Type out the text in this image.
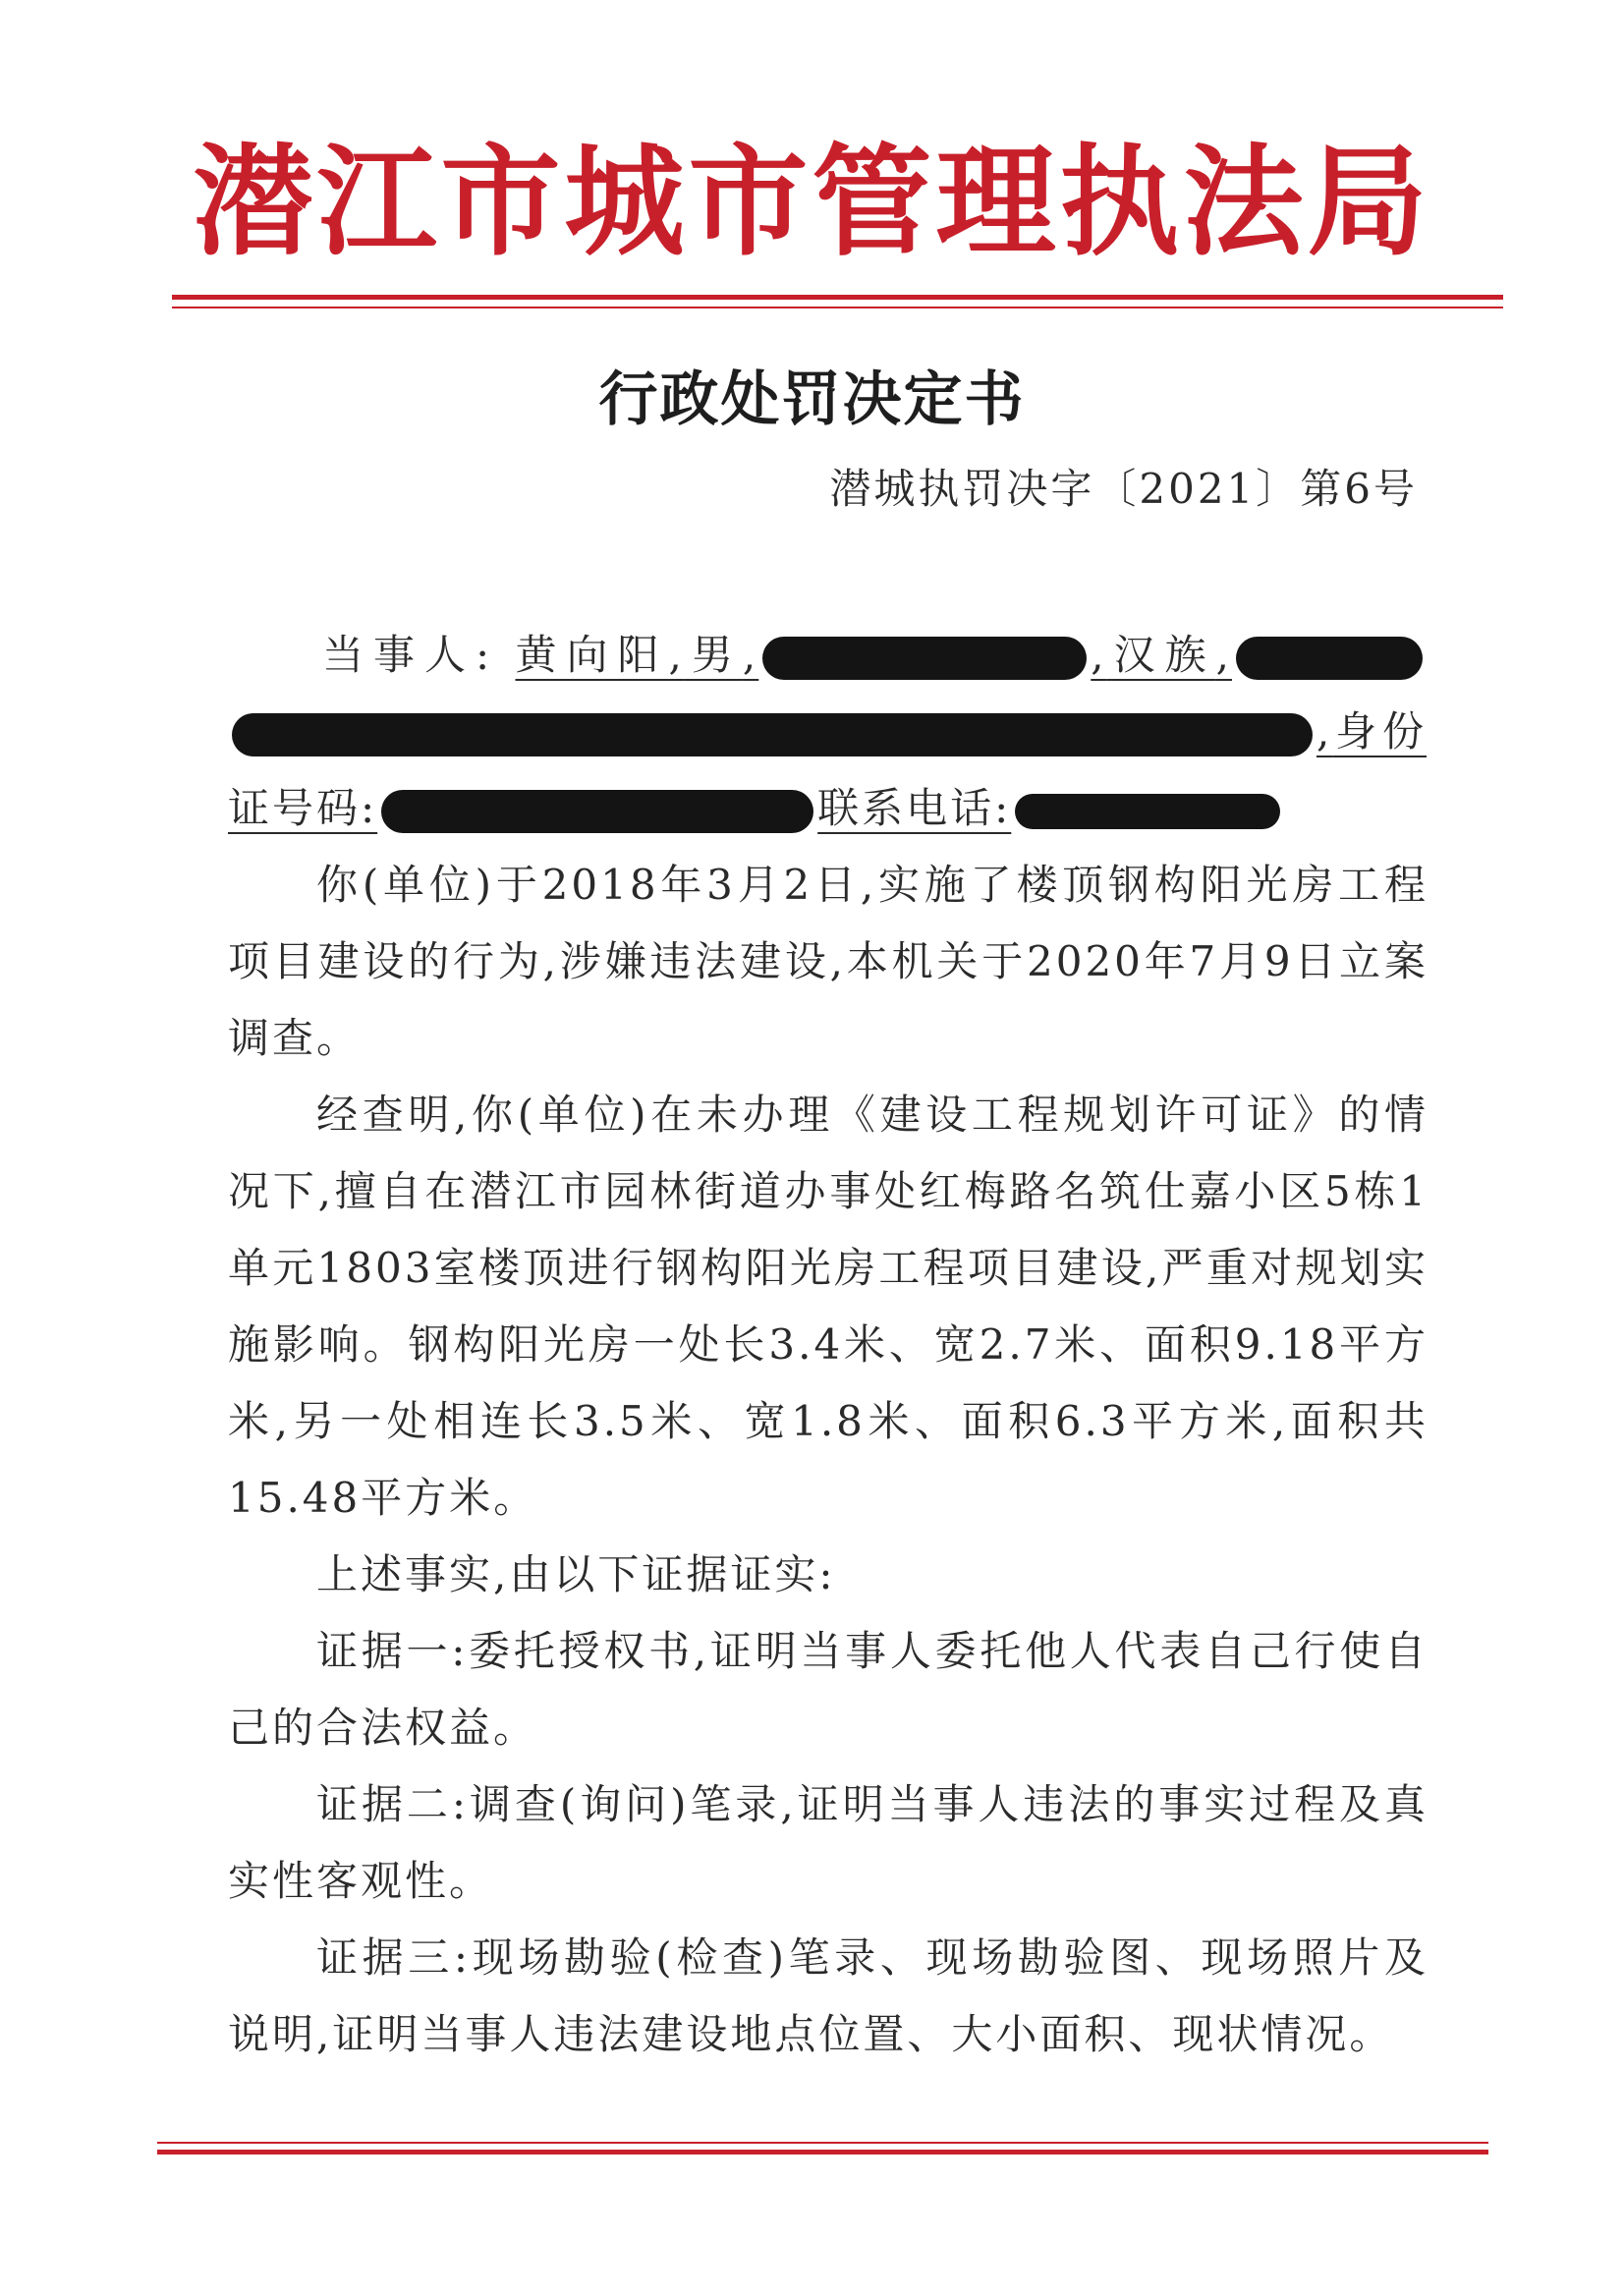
潜江市城市管理执法局
行政处罚决定书
潜城执罚决字〔2021〕第6号
当事人: 黄向阳,男,	,汉族,,身份证号码:	联系电话:

你(单位)于2018年3月2日,实施了楼顶钢构阳光房工程项目建设的行为,涉嫌违法建设,本机关于2020年7月9日立案调查。

经查明,你(单位)在未办理《建设工程规划许可证》的情况下,擅自在潜江市园林街道办事处红梅路名筑仕嘉小区5栋1单元1803室楼顶进行钢构阳光房工程项目建设,严重对规划实施影响。钢构阳光房一处长3.4米、宽2.7米、面积9.18平方米,另一处相连长3.5米、宽1.8米、面积6.3平方米,面积共15.48平方米。

上述事实,由以下证据证实:

证据一:委托授权书,证明当事人委托他人代表自己行使自己的合法权益。

证据二:调查(询问)笔录,证明当事人违法的事实过程及真实性客观性。

证据三:现场勘验(检查)笔录、现场勘验图、现场照片及说明,证明当事人违法建设地点位置、大小面积、现状情况。
